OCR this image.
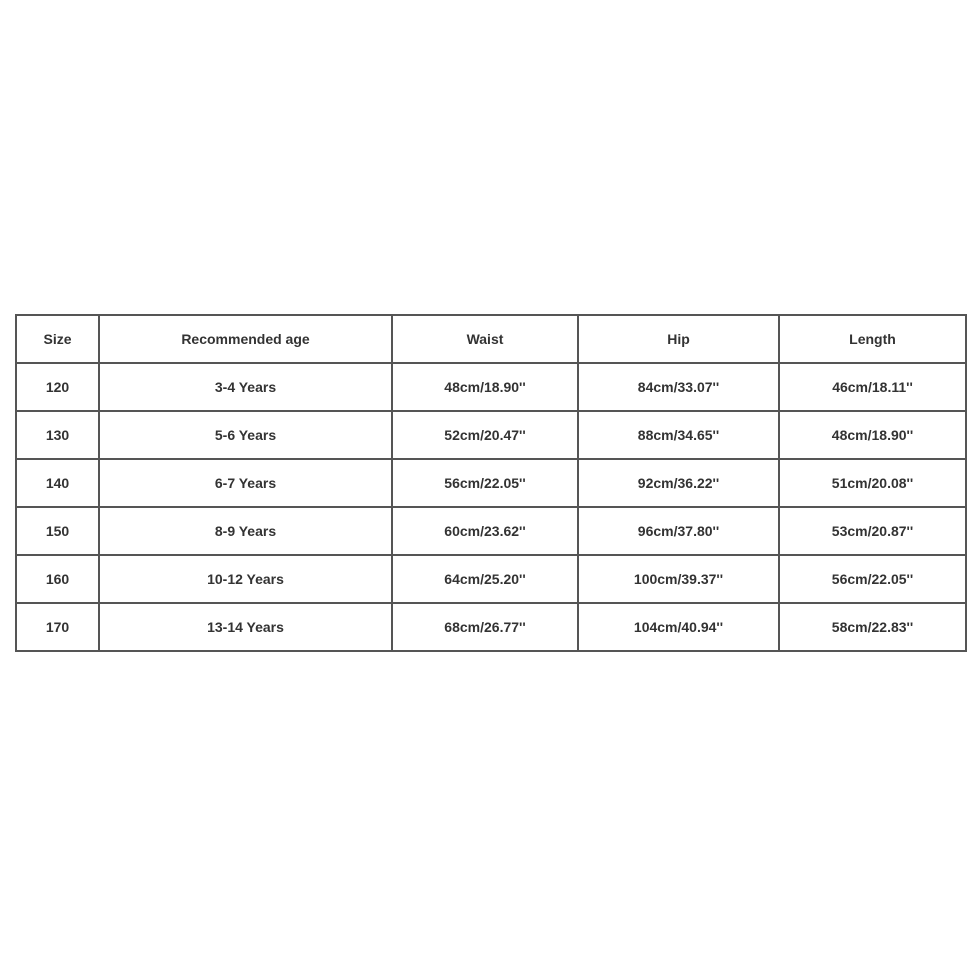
Size	Recommended age	Waist	Hip	Length
120	3-4 Years	48cm/18.90''	84cm/33.07''	46cm/18.11''
130	5-6 Years	52cm/20.47''	88cm/34.65''	48cm/18.90''
140	6-7 Years	56cm/22.05''	92cm/36.22''	51cm/20.08''
150	8-9 Years	60cm/23.62''	96cm/37.80''	53cm/20.87''
160	10-12 Years	64cm/25.20''	100cm/39.37''	56cm/22.05''
170	13-14 Years	68cm/26.77''	104cm/40.94''	58cm/22.83''
